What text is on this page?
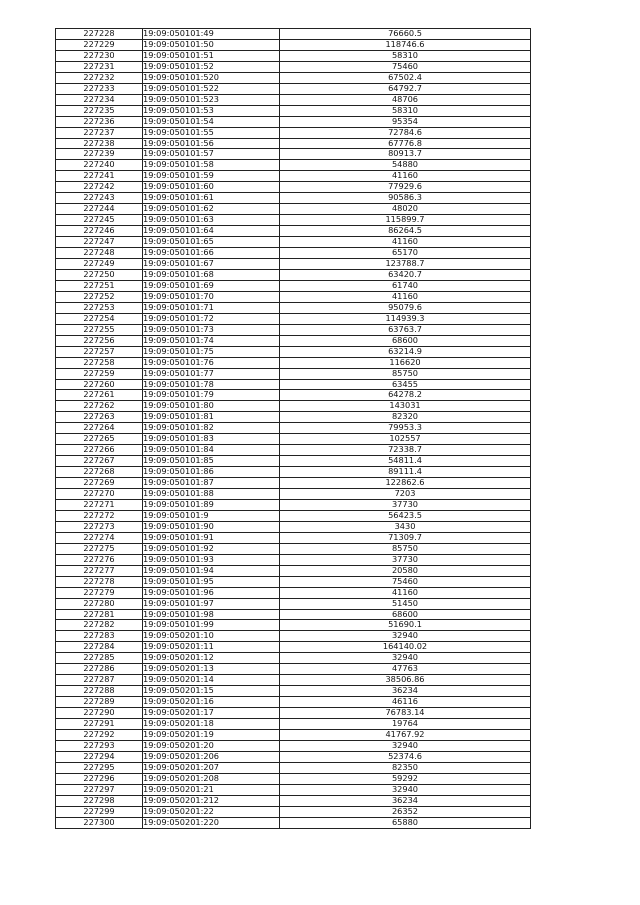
227228	19:09:050101:49	76660.5
227229	19:09:050101:50	118746.6
227230	19:09:050101:51	58310
227231	19:09:050101:52	75460
227232	19:09:050101:520	67502.4
227233	19:09:050101:522	64792.7
227234	19:09:050101:523	48706
227235	19:09:050101:53	58310
227236	19:09:050101:54	95354
227237	19:09:050101:55	72784.6
227238	19:09:050101:56	67776.8
227239	19:09:050101:57	80913.7
227240	19:09:050101:58	54880
227241	19:09:050101:59	41160
227242	19:09:050101:60	77929.6
227243	19:09:050101:61	90586.3
227244	19:09:050101:62	48020
227245	19:09:050101:63	115899.7
227246	19:09:050101:64	86264.5
227247	19:09:050101:65	41160
227248	19:09:050101:66	65170
227249	19:09:050101:67	123788.7
227250	19:09:050101:68	63420.7
227251	19:09:050101:69	61740
227252	19:09:050101:70	41160
227253	19:09:050101:71	95079.6
227254	19:09:050101:72	114939.3
227255	19:09:050101:73	63763.7
227256	19:09:050101:74	68600
227257	19:09:050101:75	63214.9
227258	19:09:050101:76	116620
227259	19:09:050101:77	85750
227260	19:09:050101:78	63455
227261	19:09:050101:79	64278.2
227262	19:09:050101:80	143031
227263	19:09:050101:81	82320
227264	19:09:050101:82	79953.3
227265	19:09:050101:83	102557
227266	19:09:050101:84	72338.7
227267	19:09:050101:85	54811.4
227268	19:09:050101:86	89111.4
227269	19:09:050101:87	122862.6
227270	19:09:050101:88	7203
227271	19:09:050101:89	37730
227272	19:09:050101:9	56423.5
227273	19:09:050101:90	3430
227274	19:09:050101:91	71309.7
227275	19:09:050101:92	85750
227276	19:09:050101:93	37730
227277	19:09:050101:94	20580
227278	19:09:050101:95	75460
227279	19:09:050101:96	41160
227280	19:09:050101:97	51450
227281	19:09:050101:98	68600
227282	19:09:050101:99	51690.1
227283	19:09:050201:10	32940
227284	19:09:050201:11	164140.02
227285	19:09:050201:12	32940
227286	19:09:050201:13	47763
227287	19:09:050201:14	38506.86
227288	19:09:050201:15	36234
227289	19:09:050201:16	46116
227290	19:09:050201:17	76783.14
227291	19:09:050201:18	19764
227292	19:09:050201:19	41767.92
227293	19:09:050201:20	32940
227294	19:09:050201:206	52374.6
227295	19:09:050201:207	82350
227296	19:09:050201:208	59292
227297	19:09:050201:21	32940
227298	19:09:050201:212	36234
227299	19:09:050201:22	26352
227300	19:09:050201:220	65880
